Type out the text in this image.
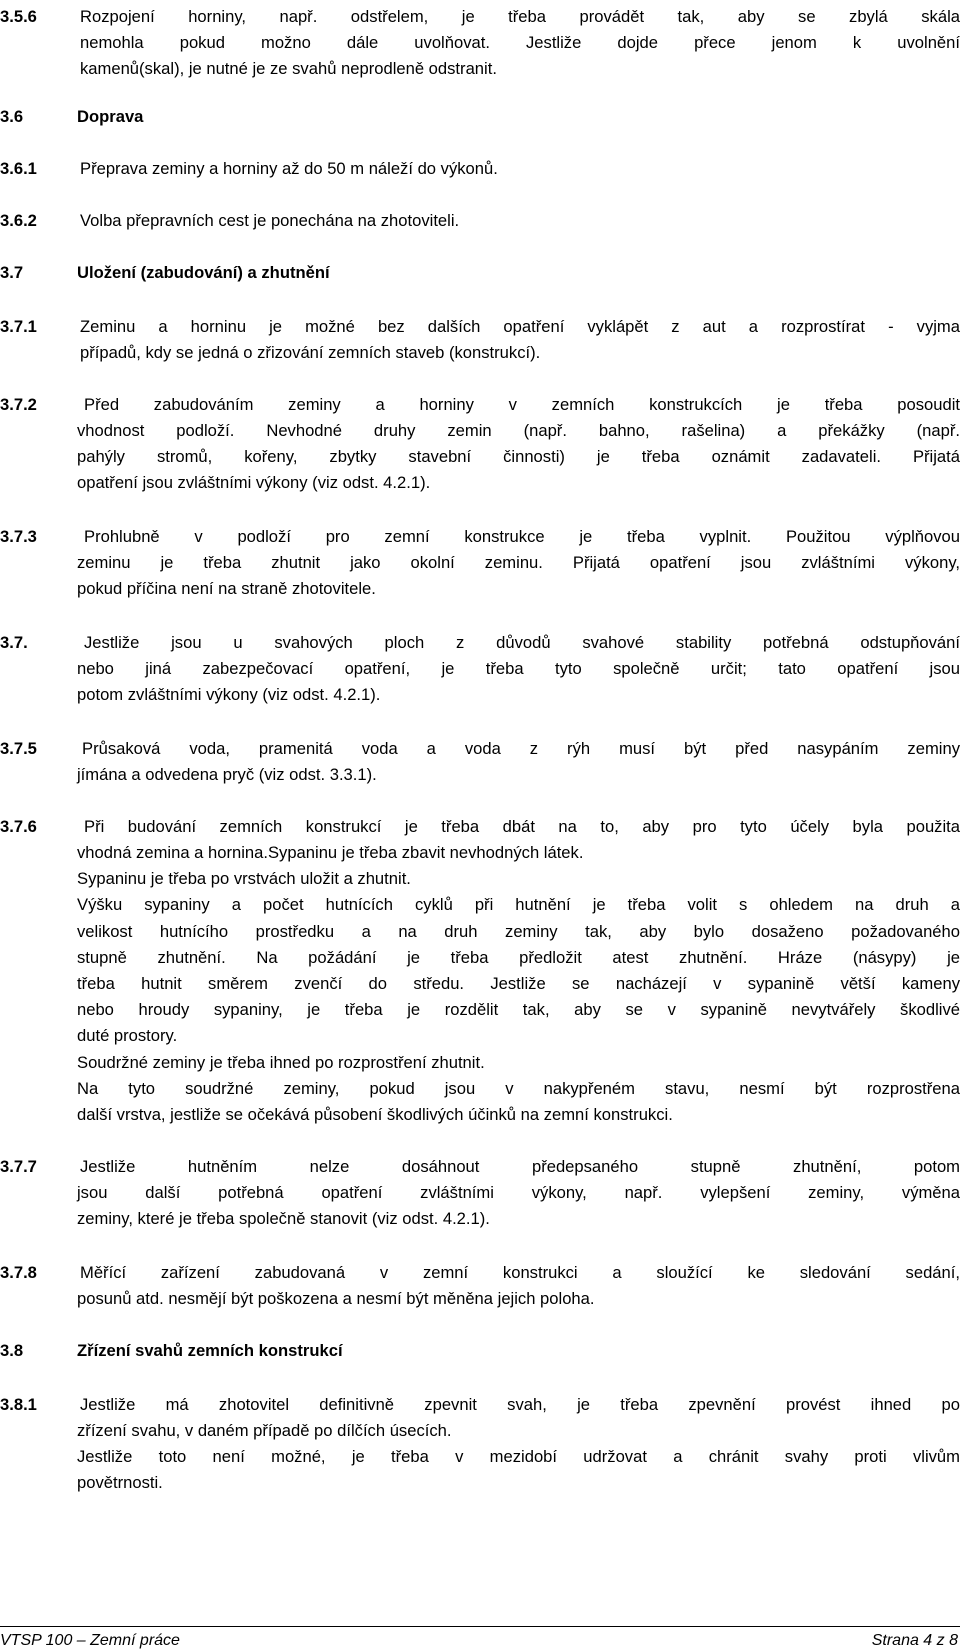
3.5.6	Rozpojení horniny, např. odstřelem, je třeba provádět tak, aby se zbylá skála
nemohla pokud možno dále uvolňovat. Jestliže dojde přece jenom k uvolnění
kamenů(skal), je nutné je ze svahů neprodleně odstranit.
3.6	Doprava
3.6.1	Přeprava zeminy a horniny až do 50 m náleží do výkonů.
3.6.2	Volba přepravních cest je ponechána na zhotoviteli.
3.7	Uložení (zabudování) a zhutnění
3.7.1	Zeminu a horninu je možné bez dalších opatření vyklápět z aut a rozprostírat - vyjma
případů, kdy se jedná o zřizování zemních staveb (konstrukcí).
3.7.2	Před zabudováním zeminy a horniny v zemních konstrukcích je třeba posoudit
vhodnost podloží. Nevhodné druhy zemin (např. bahno, rašelina) a překážky (např.
pahýly stromů, kořeny, zbytky stavební činnosti) je třeba oznámit zadavateli. Přijatá
opatření jsou zvláštními výkony (viz odst. 4.2.1).
3.7.3	Prohlubně v podloží pro zemní konstrukce je třeba vyplnit. Použitou výplňovou
zeminu je třeba zhutnit jako okolní zeminu. Přijatá opatření jsou zvláštními výkony,
pokud příčina není na straně zhotovitele.
3.7.	Jestliže jsou u svahových ploch z důvodů svahové stability potřebná odstupňování
nebo jiná zabezpečovací opatření, je třeba tyto společně určit; tato opatření jsou
potom zvláštními výkony (viz odst. 4.2.1).
3.7.5	Průsaková voda, pramenitá voda a voda z rýh musí být před nasypáním zeminy
jímána a odvedena pryč (viz odst. 3.3.1).
3.7.6	Při budování zemních konstrukcí je třeba dbát na to, aby pro tyto účely byla použita
vhodná zemina a hornina.Sypaninu je třeba zbavit nevhodných látek.
Sypaninu je třeba po vrstvách uložit a zhutnit.
Výšku sypaniny a počet hutnících cyklů při hutnění je třeba volit s ohledem na druh a
velikost hutnícího prostředku a na druh zeminy tak, aby bylo dosaženo požadovaného
stupně zhutnění. Na požádání je třeba předložit atest zhutnění. Hráze (násypy) je
třeba hutnit směrem zvenčí do středu. Jestliže se nacházejí v sypanině větší kameny
nebo hroudy sypaniny, je třeba je rozdělit tak, aby se v sypanině nevytvářely škodlivé
duté prostory.
Soudržné zeminy je třeba ihned po rozprostření zhutnit.
Na tyto soudržné zeminy, pokud jsou v nakypřeném stavu, nesmí být rozprostřena
další vrstva, jestliže se očekává působení škodlivých účinků na zemní konstrukci.
3.7.7	Jestliže hutněním nelze dosáhnout předepsaného stupně zhutnění, potom
jsou další potřebná opatření zvláštními výkony, např. vylepšení zeminy, výměna
zeminy, které je třeba společně stanovit (viz odst. 4.2.1).
3.7.8	Měřící zařízení zabudovaná v zemní konstrukci a sloužící ke sledování sedání,
posunů atd. nesmějí být poškozena a nesmí být měněna jejich poloha.
3.8	Zřízení svahů zemních konstrukcí
3.8.1	Jestliže má zhotovitel definitivně zpevnit svah, je třeba zpevnění provést ihned po
zřízení svahu, v daném případě po dílčích úsecích.
Jestliže toto není možné, je třeba v mezidobí udržovat a chránit svahy proti vlivům
povětrnosti.
VTSP 100 – Zemní práce	Strana 4 z 8
